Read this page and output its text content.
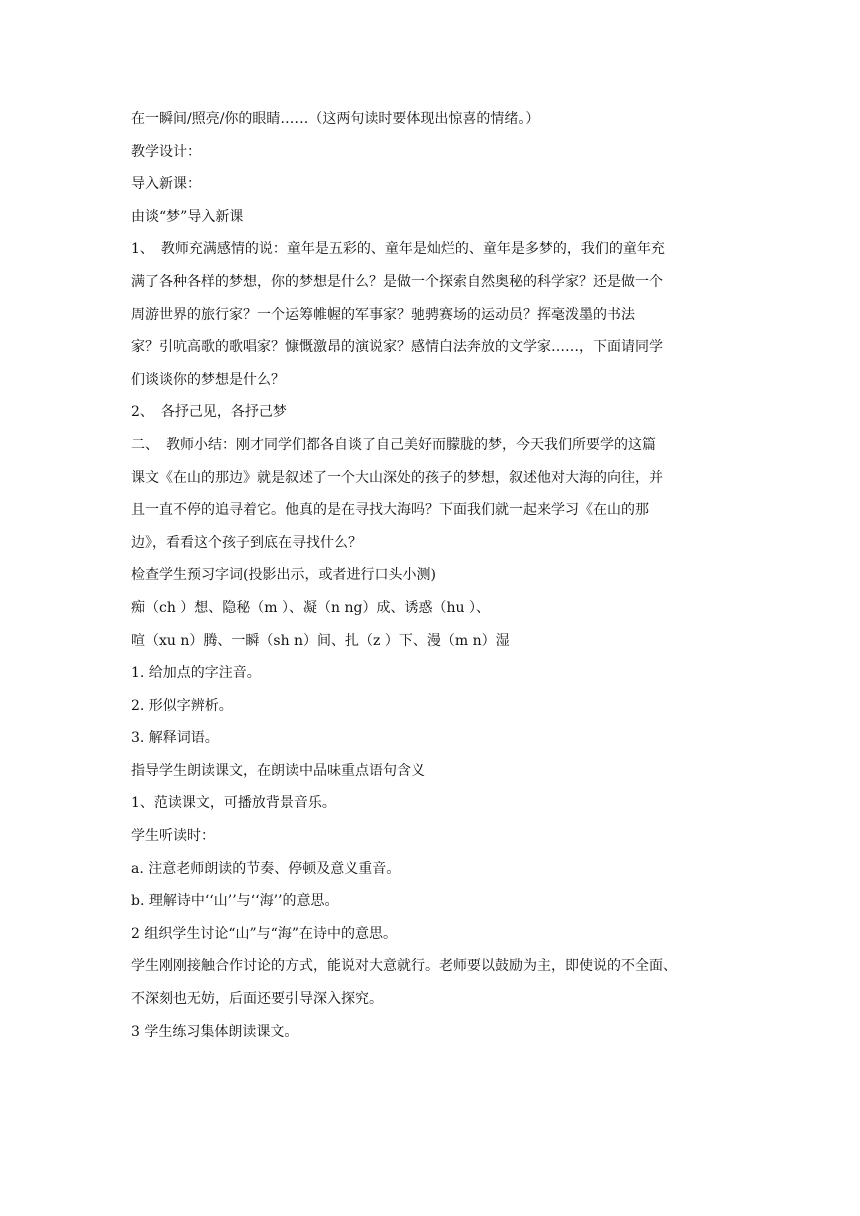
在一瞬间/照亮/你的眼睛……（这两句读时要体现出惊喜的情绪。）
教学设计：
导入新课：
由谈“梦”导入新课
1、　教师充满感情的说：童年是五彩的、童年是灿烂的、童年是多梦的，我们的童年充
满了各种各样的梦想，你的梦想是什么？是做一个探索自然奥秘的科学家？还是做一个
周游世界的旅行家？一个运筹帷幄的军事家？驰骋赛场的运动员？挥毫泼墨的书法
家？引吭高歌的歌唱家？慷慨激昂的演说家？感情白法奔放的文学家……，下面请同学
们谈谈你的梦想是什么？
2、　各抒己见，各抒己梦
二、　教师小结：刚才同学们都各自谈了自己美好而朦胧的梦，今天我们所要学的这篇
课文《在山的那边》就是叙述了一个大山深处的孩子的梦想，叙述他对大海的向往，并
且一直不停的追寻着它。他真的是在寻找大海吗？下面我们就一起来学习《在山的那
边》，看看这个孩子到底在寻找什么？
检查学生预习字词(投影出示，或者进行口头小测)
痴（ch ）想、隐秘（m ）、凝（n ng）成、诱惑（hu ）、
喧（xu n）腾、一瞬（sh n）间、扎（z ）下、漫（m n）湿
1. 给加点的字注音。
2. 形似字辨析。
3. 解释词语。
指导学生朗读课文，在朗读中品味重点语句含义
1、范读课文，可播放背景音乐。
学生听读时：
a. 注意老师朗读的节奏、停顿及意义重音。
b. 理解诗中‘‘山’’与‘‘海’’的意思。
2 组织学生讨论“山”与“海”在诗中的意思。
学生刚刚接触合作讨论的方式，能说对大意就行。老师要以鼓励为主，即使说的不全面、
不深刻也无妨，后面还要引导深入探究。
3 学生练习集体朗读课文。
